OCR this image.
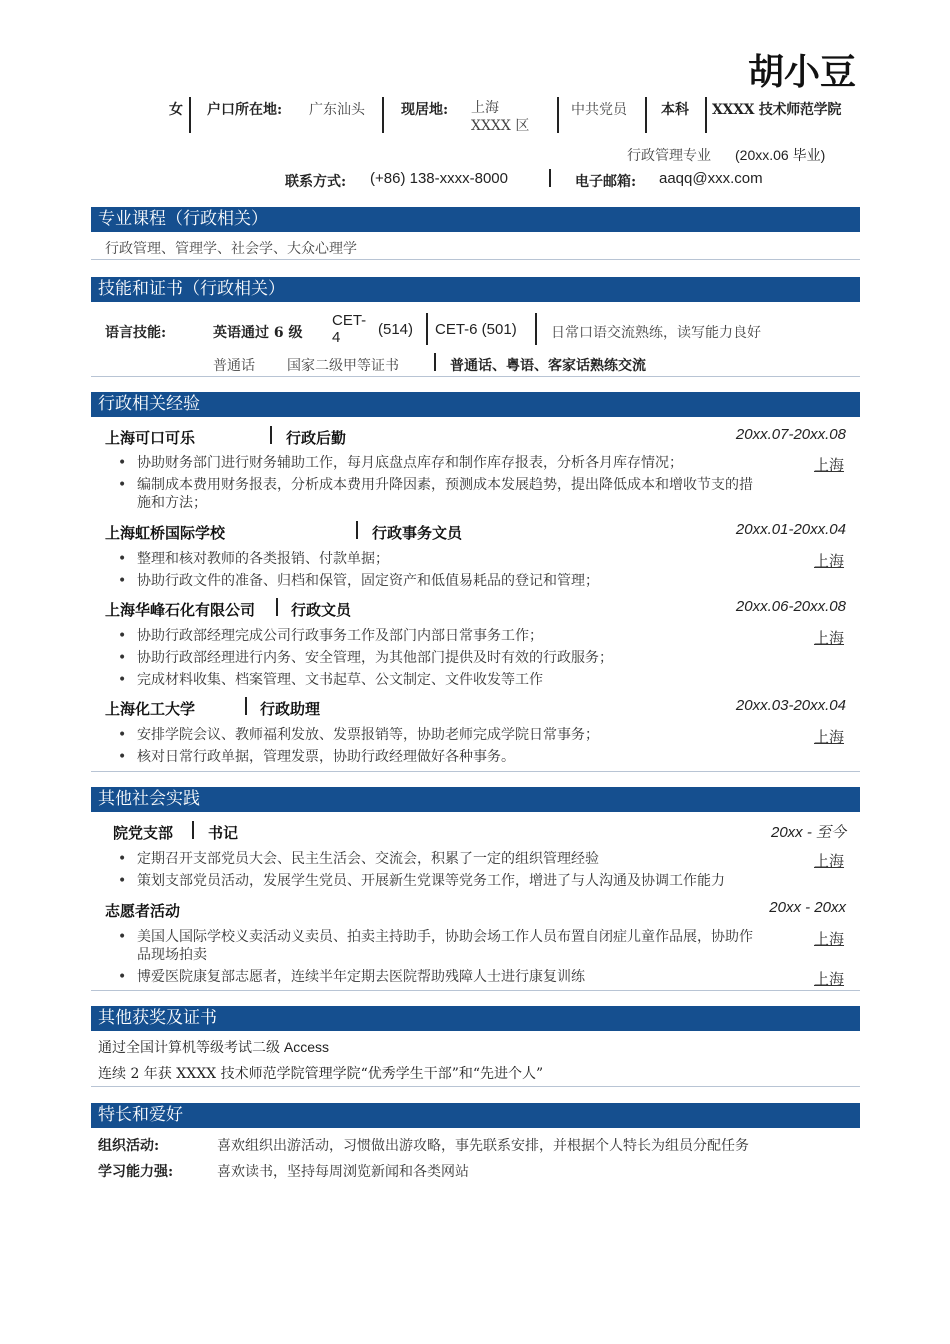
胡小豆
女 户口所在地: 广东汕头	现居地: 上海 XXXX 区
中共党员 本科 XXXX 技术师范学院
行政管理专业 (20xx.06 毕业)
联系方式: (+86) 138-xxxx-8000	电子邮箱: aaqq@xxx.com
专业课程（行政相关）
行政管理、管理学、社会学、大众心理学
技能和证书（行政相关）
语言技能:	英语通过 6 级
CET-4	(514) CET-6 (501) 日常口语交流熟练，读写能力良好
普通话 国家二级甲等证书	普通话、粤语、客家话熟练交流
行政相关经验
上海可口可乐	行政后勤	20xx.07-20xx.08
• 协助财务部门进行财务辅助工作，每月底盘点库存和制作库存报表，分析各月库存情况；	上海
• 编制成本费用财务报表，分析成本费用升降因素，预测成本发展趋势，提出降低成本和增收节支的措施和方法；
上海虹桥国际学校	行政事务文员	20xx.01-20xx.04
• 整理和核对教师的各类报销、付款单据；	上海
• 协助行政文件的准备、归档和保管，固定资产和低值易耗品的登记和管理；
上海华峰石化有限公司 行政文员	20xx.06-20xx.08
• 协助行政部经理完成公司行政事务工作及部门内部日常事务工作；	上海
• 协助行政部经理进行内务、安全管理，为其他部门提供及时有效的行政服务；
• 完成材料收集、档案管理、文书起草、公文制定、文件收发等工作
上海化工大学	行政助理	20xx.03-20xx.04
• 安排学院会议、教师福利发放、发票报销等，协助老师完成学院日常事务；	上海
• 核对日常行政单据，管理发票，协助行政经理做好各种事务。
其他社会实践
院党支部 书记	20xx - 至今
• 定期召开支部党员大会、民主生活会、交流会，积累了一定的组织管理经验	上海
• 策划支部党员活动，发展学生党员、开展新生党课等党务工作，增进了与人沟通及协调工作能力
志愿者活动	20xx - 20xx
• 美国人国际学校义卖活动义卖员、拍卖主持助手，协助会场工作人员布置自闭症儿童作品展，协助作品现场拍卖
上海
• 博爱医院康复部志愿者，连续半年定期去医院帮助残障人士进行康复训练	上海
其他获奖及证书
通过全国计算机等级考试二级 Access
连续 2 年获 XXXX 技术师范学院管理学院“优秀学生干部”和“先进个人”
特长和爱好
组织活动:	喜欢组织出游活动，习惯做出游攻略，事先联系安排，并根据个人特长为组员分配任务
学习能力强:	喜欢读书，坚持每周浏览新闻和各类网站
